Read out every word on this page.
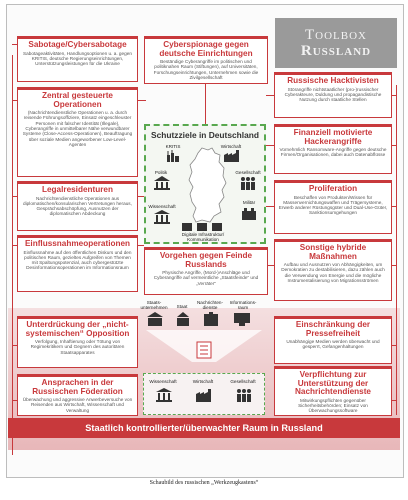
Toolbox
Russland
Sabotage/Cybersabotage

Sabotageaktivitäten, Handlungsoptionen u. a. gegen KRITIS, deutsche Regierungseinrichtungen, Unterstützungsleistungen für die Ukraine

Zentral gesteuerte Operationen

(Nachrichtendienstliche Operationen u. a. durch reisende Führungsoffiziere, Einsatz eingeschleuster Personen mit falscher Identität (Illegale), Cyberangriffe in unmittelbarer Nähe verwundbarer Systeme (Close-Access-Operationen), Beauftragung über soziale Medien angeworbener Low-Level-Agenten

Legalresidenturen

Nachrichtendienstliche Operationen aus diplomatischen/konsularischen Vertretungen heraus, Gesprächsabschöpfung, Ausnutzen der diplomatischen Abdeckung

Einflussnahmeoperationen

Einflussnahme auf den öffentlichen Diskurs und den politischen Raum, gezieltes Aufgreifen von Themen mit Spaltungspotenzial, auch cybergestützte Desinformationsoperationen im Informationsraum

Unterdrückung der „nicht-systemischen“ Opposition

Verfolgung, Inhaftierung oder Tötung von Regimekritikern und Gegnern des autoritären Staatsapparates

Ansprachen in der Russischen Föderation

Überwachung und aggressive Anwerbeversuche von Reisenden aus Wirtschaft, Wissenschaft und Verwaltung

Cyberspionage gegen deutsche Einrichtungen

Beständige Cyberangriffe im politischen und politiknahen Raum (Stiftungen), auf Universitäten, Forschungseinrichtungen, Unternehmen sowie die Zivilgesellschaft	Russische Hacktivisten

Störangriffe nichtstaatlicher (pro-)russischer Cyberakteure, Duldung und propagandistische Nutzung durch staatliche Stellen

Finanziell motivierte Hackerangriffe

Vornehmlich Ransomware-Angriffe gegen deutsche Firmen/Organisationen, dabei auch Datenabflüsse

Proliferation

Beschaffen von Produkten/Wissen für Massenvernichtungswaffen und Trägersysteme, Erwerb anderer Rüstungsgüter und Dual-Use-Güter, Sanktionsumgehungen

Sonstige hybride Maßnahmen

Aufbau und Ausnutzen von Abhängigkeiten, um Demokratien zu destabilisieren, dazu zählen auch die Verwendung von Energie und die mögliche Instrumentalisierung von Migrationsströmen

Einschränkung der Pressefreiheit

Unabhängige Medien werden überwacht und gesperrt, Gefangenhaltungen

Verpflichtung zur Unterstützung der Nachrichtendienste

Mitwirkungspflichten gegenüber Sicherheitsbehörden; Einsatz von Überwachungssoftware

Schutzziele in Deutschland
KRITIS	Wirtschaft
Politik	Gesellschaft
Wissenschaft
Militär
Digitale Infrastruktur/ Kommunikation
Vorgehen gegen Feinde Russlands

Physische Angriffe, (Mord-)Anschläge und Cyberangriffe auf vermeintliche „Staatsfeinde“ und „Verräter“

Staats-unternehmen	Staat
Nachrichten-dienste
Informations-raum
Wissenschaft	Wirtschaft	Gesellschaft
Staatlich kontrollierter/überwachter Raum in Russland
Schaubild des russischen „Werkzeugkastens“
